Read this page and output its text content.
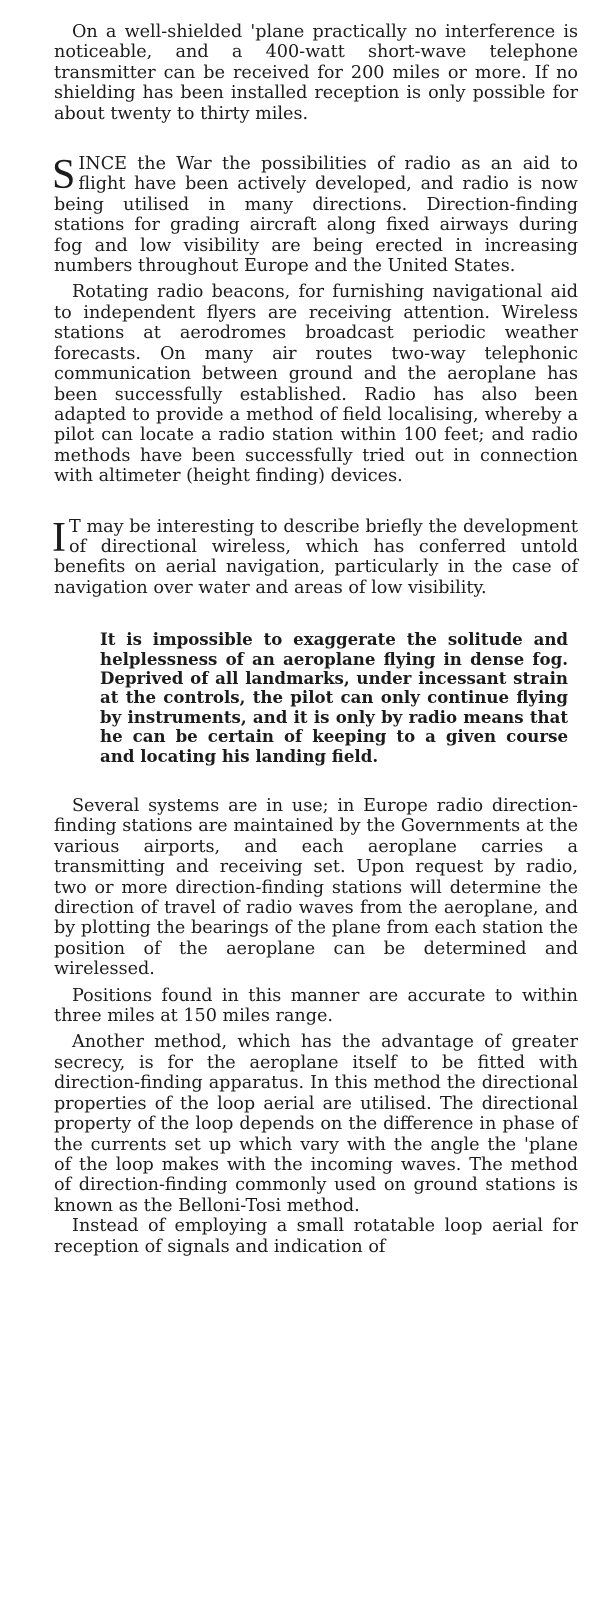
On a well-shielded 'plane practically no interference is noticeable, and a 400-watt short-wave telephone transmitter can be received for 200 miles or more. If no shielding has been installed reception is only possible for about twenty to thirty miles.

SINCE the War the possibilities of radio as an aid to flight have been actively developed, and radio is now being utilised in many directions. Direction-finding stations for grading aircraft along fixed airways during fog and low visibility are being erected in increasing numbers throughout Europe and the United States.

Rotating radio beacons, for furnishing navigational aid to independent flyers are receiving attention. Wireless stations at aerodromes broadcast periodic weather forecasts. On many air routes two-way telephonic communication between ground and the aeroplane has been successfully established. Radio has also been adapted to provide a method of field localising, whereby a pilot can locate a radio station within 100 feet; and radio methods have been successfully tried out in connection with altimeter (height finding) devices.

I T may be interesting to describe briefly the development of directional wireless, which has conferred untold benefits on aerial navigation, particularly in the case of navigation over water and areas of low visibility.

It is impossible to exaggerate the solitude and helplessness of an aeroplane flying in dense fog. Deprived of all landmarks, under incessant strain at the controls, the pilot can only continue flying by instruments, and it is only by radio means that he can be certain of keeping to a given course and locating his landing field.

Several systems are in use; in Europe radio direction-finding stations are maintained by the Governments at the various airports, and each aeroplane carries a transmitting and receiving set. Upon request by radio, two or more direction-finding stations will determine the direction of travel of radio waves from the aeroplane, and by plotting the bearings of the plane from each station the position of the aeroplane can be determined and wirelessed.

Positions found in this manner are accurate to within three miles at 150 miles range.

Another method, which has the advantage of greater secrecy, is for the aeroplane itself to be fitted with direction-finding apparatus. In this method the directional properties of the loop aerial are utilised. The directional property of the loop depends on the difference in phase of the currents set up which vary with the angle the 'plane of the loop makes with the incoming waves. The method of direction-finding commonly used on ground stations is known as the Belloni-Tosi method.

Instead of employing a small rotatable loop aerial for reception of signals and indication of
